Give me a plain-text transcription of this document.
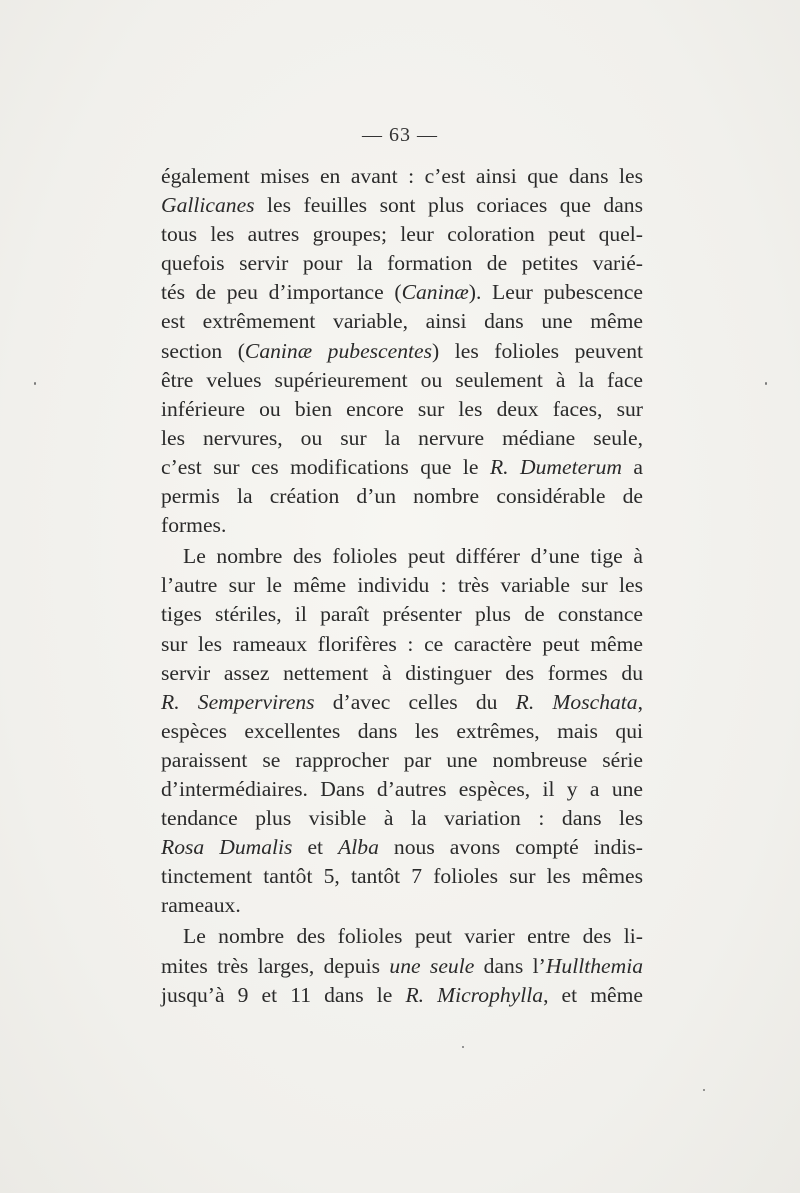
— 63 —
également mises en avant : c’est ainsi que dans les
Gallicanes les feuilles sont plus coriaces que dans
tous les autres groupes; leur coloration peut quel-
quefois servir pour la formation de petites varié-
tés de peu d’importance (Caninæ). Leur pubescence
est extrêmement variable, ainsi dans une même
section (Caninæ pubescentes) les folioles peuvent
être velues supérieurement ou seulement à la face
inférieure ou bien encore sur les deux faces, sur
les nervures, ou sur la nervure médiane seule,
c’est sur ces modifications que le R. Dumeterum a
permis la création d’un nombre considérable de
formes.
Le nombre des folioles peut différer d’une tige à
l’autre sur le même individu : très variable sur les
tiges stériles, il paraît présenter plus de constance
sur les rameaux florifères : ce caractère peut même
servir assez nettement à distinguer des formes du
R. Sempervirens d’avec celles du R. Moschata,
espèces excellentes dans les extrêmes, mais qui
paraissent se rapprocher par une nombreuse série
d’intermédiaires. Dans d’autres espèces, il y a une
tendance plus visible à la variation : dans les
Rosa Dumalis et Alba nous avons compté indis-
tinctement tantôt 5, tantôt 7 folioles sur les mêmes
rameaux.
Le nombre des folioles peut varier entre des li-
mites très larges, depuis une seule dans l’Hullthemia
jusqu’à 9 et 11 dans le R. Microphylla, et même
